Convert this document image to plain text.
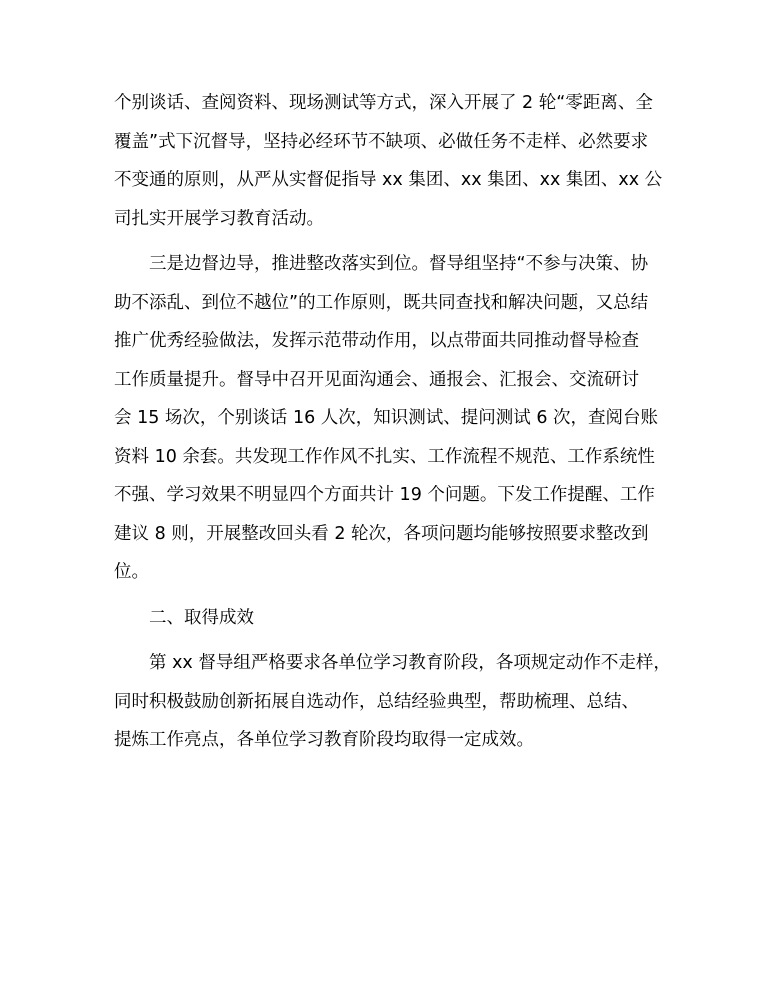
个别谈话、查阅资料、现场测试等方式，深入开展了 2 轮“零距离、全
覆盖”式下沉督导，坚持必经环节不缺项、必做任务不走样、必然要求
不变通的原则，从严从实督促指导 xx 集团、xx 集团、xx 集团、xx 公
司扎实开展学习教育活动。

三是边督边导，推进整改落实到位。督导组坚持“不参与决策、协
助不添乱、到位不越位”的工作原则，既共同查找和解决问题，又总结
推广优秀经验做法，发挥示范带动作用，以点带面共同推动督导检查
工作质量提升。督导中召开见面沟通会、通报会、汇报会、交流研讨
会 15 场次，个别谈话 16 人次，知识测试、提问测试 6 次，查阅台账
资料 10 余套。共发现工作作风不扎实、工作流程不规范、工作系统性
不强、学习效果不明显四个方面共计 19 个问题。下发工作提醒、工作
建议 8 则，开展整改回头看 2 轮次，各项问题均能够按照要求整改到
位。

二、取得成效

第 xx 督导组严格要求各单位学习教育阶段，各项规定动作不走样，
同时积极鼓励创新拓展自选动作，总结经验典型，帮助梳理、总结、
提炼工作亮点，各单位学习教育阶段均取得一定成效。
